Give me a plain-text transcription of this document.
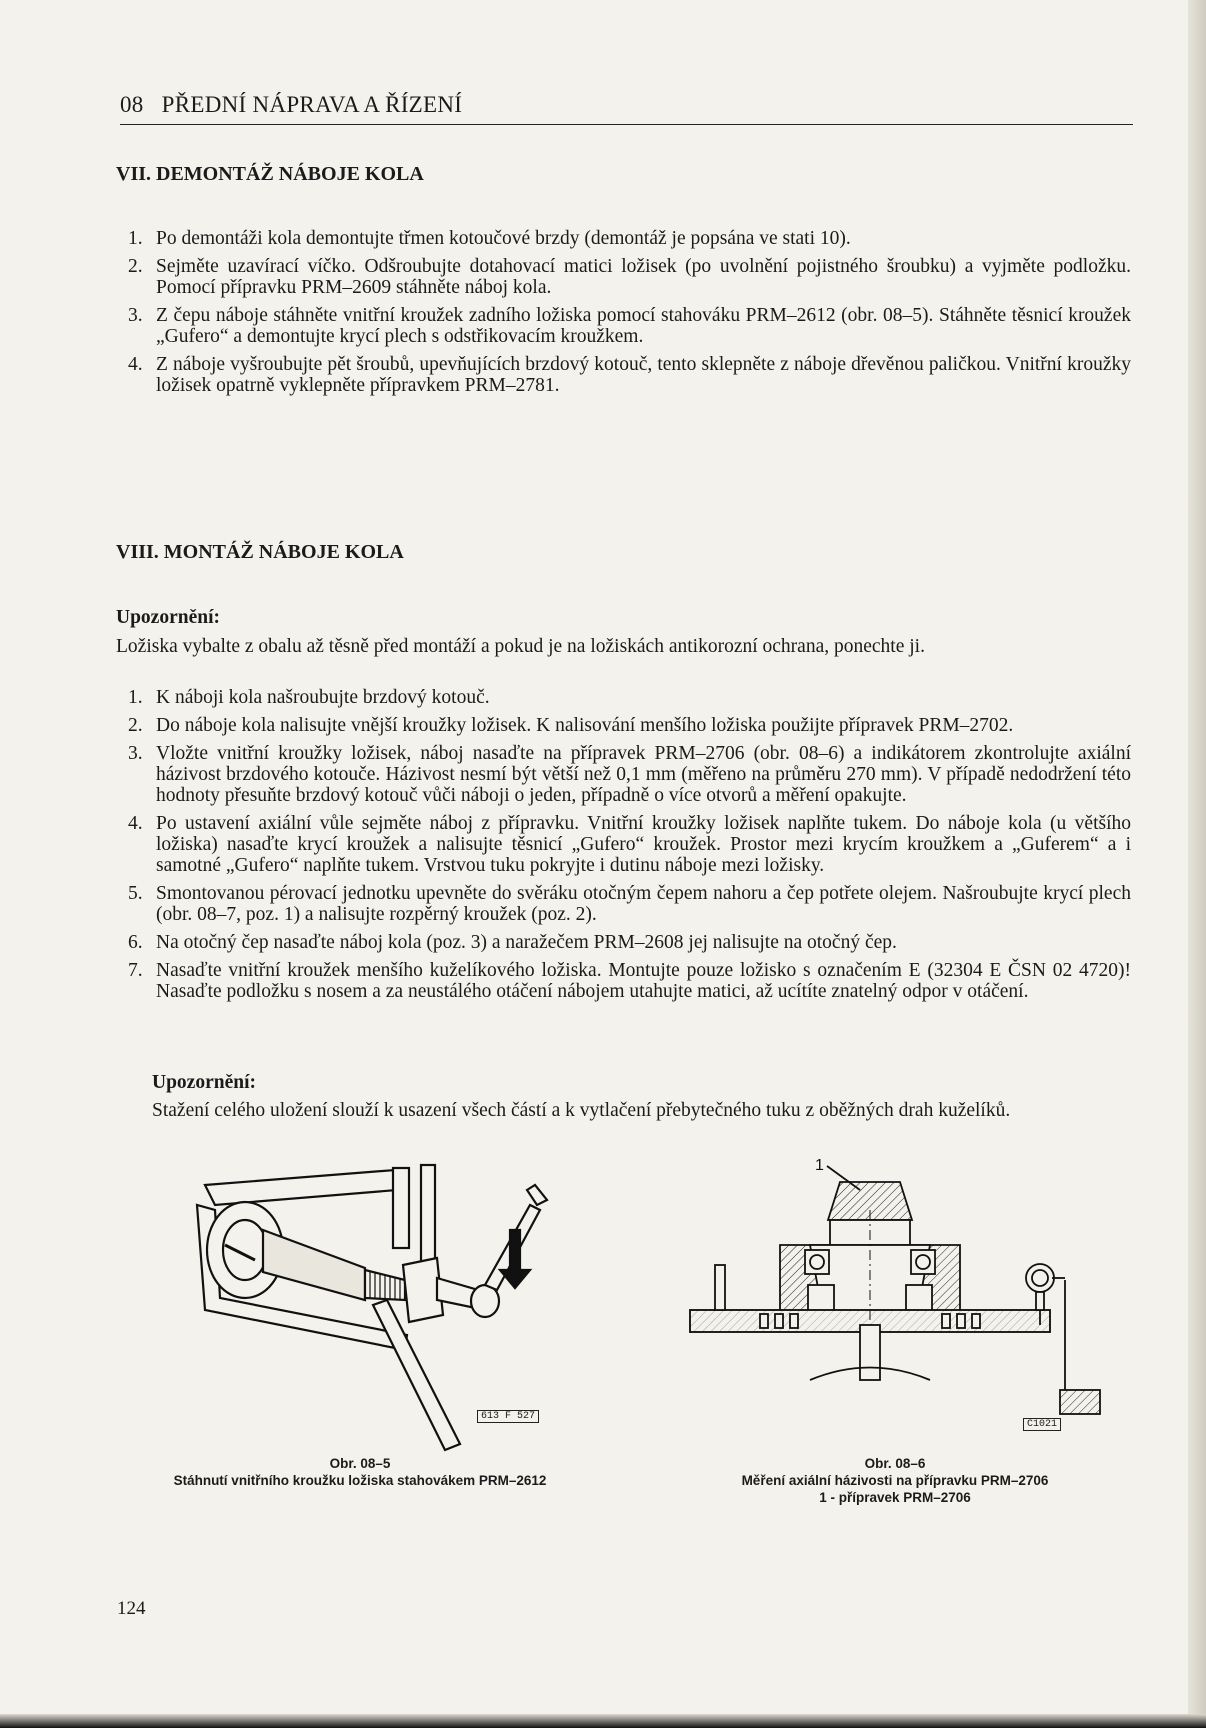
08 PŘEDNÍ NÁPRAVA A ŘÍZENÍ
VII. DEMONTÁŽ NÁBOJE KOLA
1. Po demontáži kola demontujte třmen kotoučové brzdy (demontáž je popsána ve stati 10).
2. Sejměte uzavírací víčko. Odšroubujte dotahovací matici ložisek (po uvolnění pojistného šroubku) a vyjměte podložku. Pomocí přípravku PRM–2609 stáhněte náboj kola.
3. Z čepu náboje stáhněte vnitřní kroužek zadního ložiska pomocí stahováku PRM–2612 (obr. 08–5). Stáhněte těsnicí kroužek „Gufero“ a demontujte krycí plech s odstřikovacím kroužkem.
4. Z náboje vyšroubujte pět šroubů, upevňujících brzdový kotouč, tento sklepněte z náboje dřevěnou paličkou. Vnitřní kroužky ložisek opatrně vyklepněte přípravkem PRM–2781.
VIII. MONTÁŽ NÁBOJE KOLA
Upozornění:
Ložiska vybalte z obalu až těsně před montáží a pokud je na ložiskách antikorozní ochrana, ponechte ji.
1. K náboji kola našroubujte brzdový kotouč.
2. Do náboje kola nalisujte vnější kroužky ložisek. K nalisování menšího ložiska použijte přípravek PRM–2702.
3. Vložte vnitřní kroužky ložisek, náboj nasaďte na přípravek PRM–2706 (obr. 08–6) a indikátorem zkontrolujte axiální házivost brzdového kotouče. Házivost nesmí být větší než 0,1 mm (měřeno na průměru 270 mm). V případě nedodržení této hodnoty přesuňte brzdový kotouč vůči náboji o jeden, případně o více otvorů a měření opakujte.
4. Po ustavení axiální vůle sejměte náboj z přípravku. Vnitřní kroužky ložisek naplňte tukem. Do náboje kola (u většího ložiska) nasaďte krycí kroužek a nalisujte těsnicí „Gufero“ kroužek. Prostor mezi krycím kroužkem a „Guferem“ a i samotné „Gufero“ naplňte tukem. Vrstvou tuku pokryjte i dutinu náboje mezi ložisky.
5. Smontovanou pérovací jednotku upevněte do svěráku otočným čepem nahoru a čep potřete olejem. Našroubujte krycí plech (obr. 08–7, poz. 1) a nalisujte rozpěrný kroužek (poz. 2).
6. Na otočný čep nasaďte náboj kola (poz. 3) a naražečem PRM–2608 jej nalisujte na otočný čep.
7. Nasaďte vnitřní kroužek menšího kuželíkového ložiska. Montujte pouze ložisko s označením E (32304 E ČSN 02 4720)! Nasaďte podložku s nosem a za neustálého otáčení nábojem utahujte matici, až ucítíte znatelný odpor v otáčení.
Upozornění:
Stažení celého uložení slouží k usazení všech částí a k vytlačení přebytečného tuku z oběžných drah kuželíků.
613 F 527
Obr. 08–5
Stáhnutí vnitřního kroužku ložiska stahovákem PRM–2612
1
C1021
Obr. 08–6
Měření axiální házivosti na přípravku PRM–2706
1 - přípravek PRM–2706
124
